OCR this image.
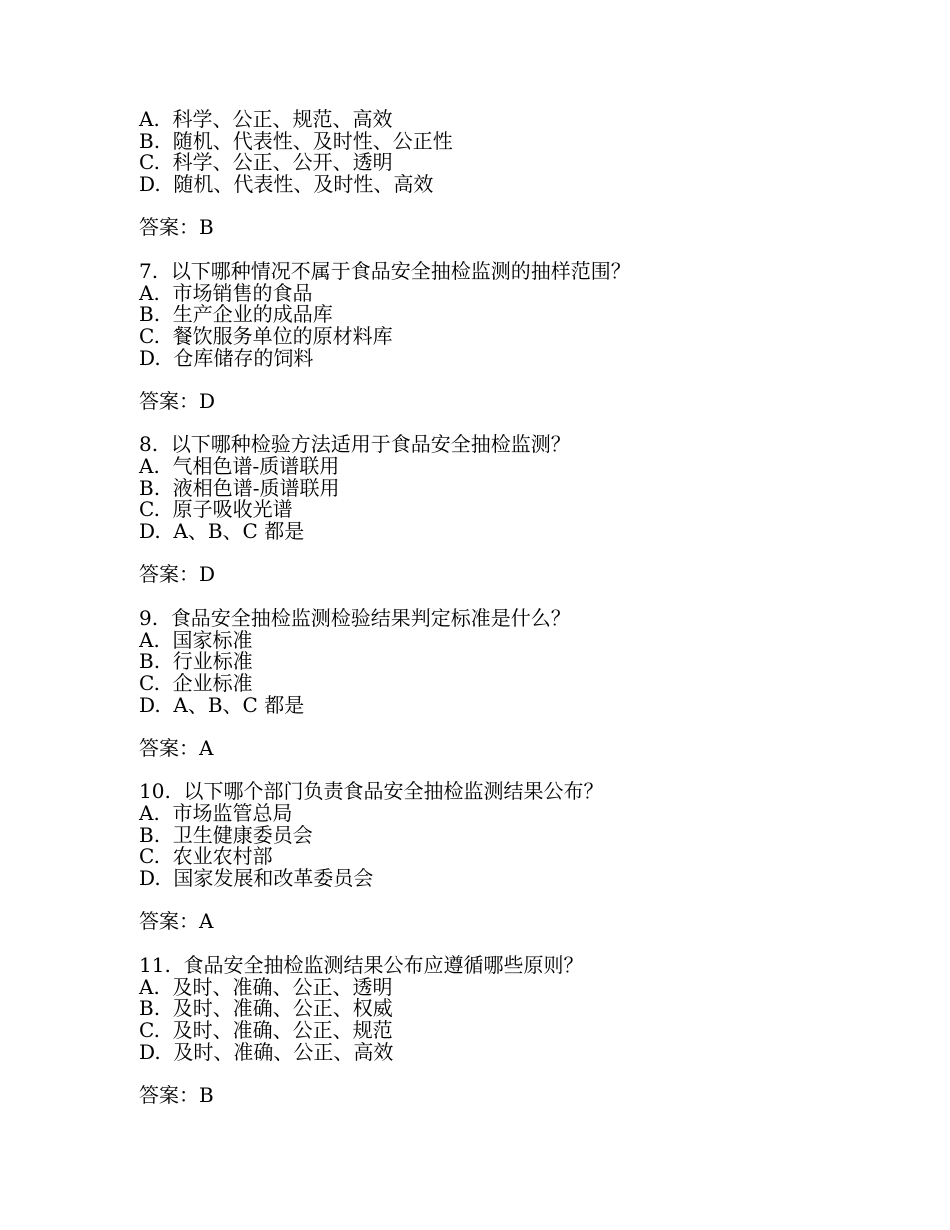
A. 科学、公正、规范、高效
B. 随机、代表性、及时性、公正性
C. 科学、公正、公开、透明
D. 随机、代表性、及时性、高效
答案：B
7. 以下哪种情况不属于食品安全抽检监测的抽样范围？
A. 市场销售的食品
B. 生产企业的成品库
C. 餐饮服务单位的原材料库
D. 仓库储存的饲料
答案：D
8. 以下哪种检验方法适用于食品安全抽检监测？
A. 气相色谱-质谱联用
B. 液相色谱-质谱联用
C. 原子吸收光谱
D. A、B、C 都是
答案：D
9. 食品安全抽检监测检验结果判定标准是什么？
A. 国家标准
B. 行业标准
C. 企业标准
D. A、B、C 都是
答案：A
10. 以下哪个部门负责食品安全抽检监测结果公布？
A. 市场监管总局
B. 卫生健康委员会
C. 农业农村部
D. 国家发展和改革委员会
答案：A
11. 食品安全抽检监测结果公布应遵循哪些原则？
A. 及时、准确、公正、透明
B. 及时、准确、公正、权威
C. 及时、准确、公正、规范
D. 及时、准确、公正、高效
答案：B
